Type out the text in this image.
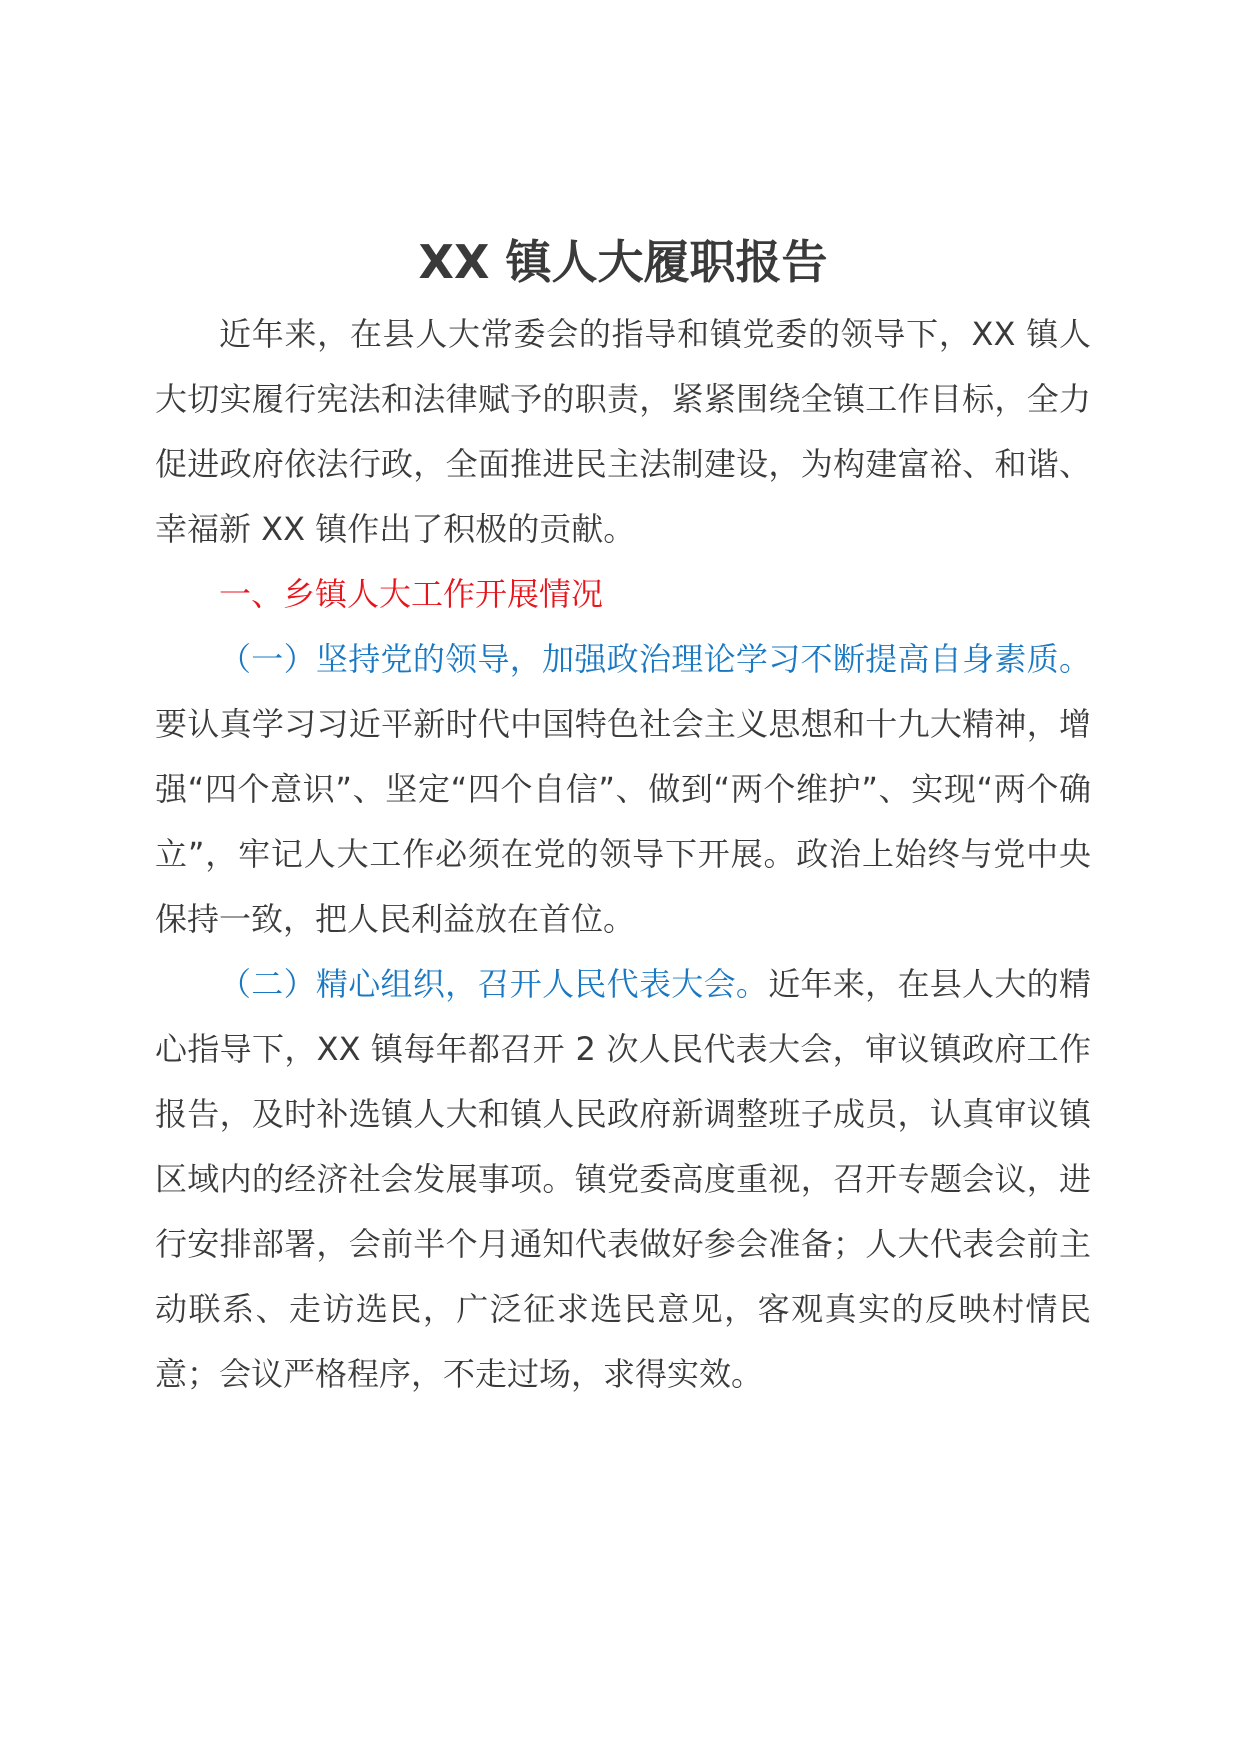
XX 镇人大履职报告

近年来，在县人大常委会的指导和镇党委的领导下，XX 镇人大切实履行宪法和法律赋予的职责，紧紧围绕全镇工作目标，全力促进政府依法行政，全面推进民主法制建设，为构建富裕、和谐、幸福新 XX 镇作出了积极的贡献。

一、乡镇人大工作开展情况

（一）坚持党的领导，加强政治理论学习不断提高自身素质。要认真学习习近平新时代中国特色社会主义思想和十九大精神，增强“四个意识”、坚定“四个自信”、做到“两个维护”、实现“两个确立”，牢记人大工作必须在党的领导下开展。政治上始终与党中央保持一致，把人民利益放在首位。

（二）精心组织，召开人民代表大会。近年来，在县人大的精心指导下，XX 镇每年都召开 2 次人民代表大会，审议镇政府工作报告，及时补选镇人大和镇人民政府新调整班子成员，认真审议镇区域内的经济社会发展事项。镇党委高度重视，召开专题会议，进行安排部署，会前半个月通知代表做好参会准备；人大代表会前主动联系、走访选民，广泛征求选民意见，客观真实的反映村情民意；会议严格程序，不走过场，求得实效。
